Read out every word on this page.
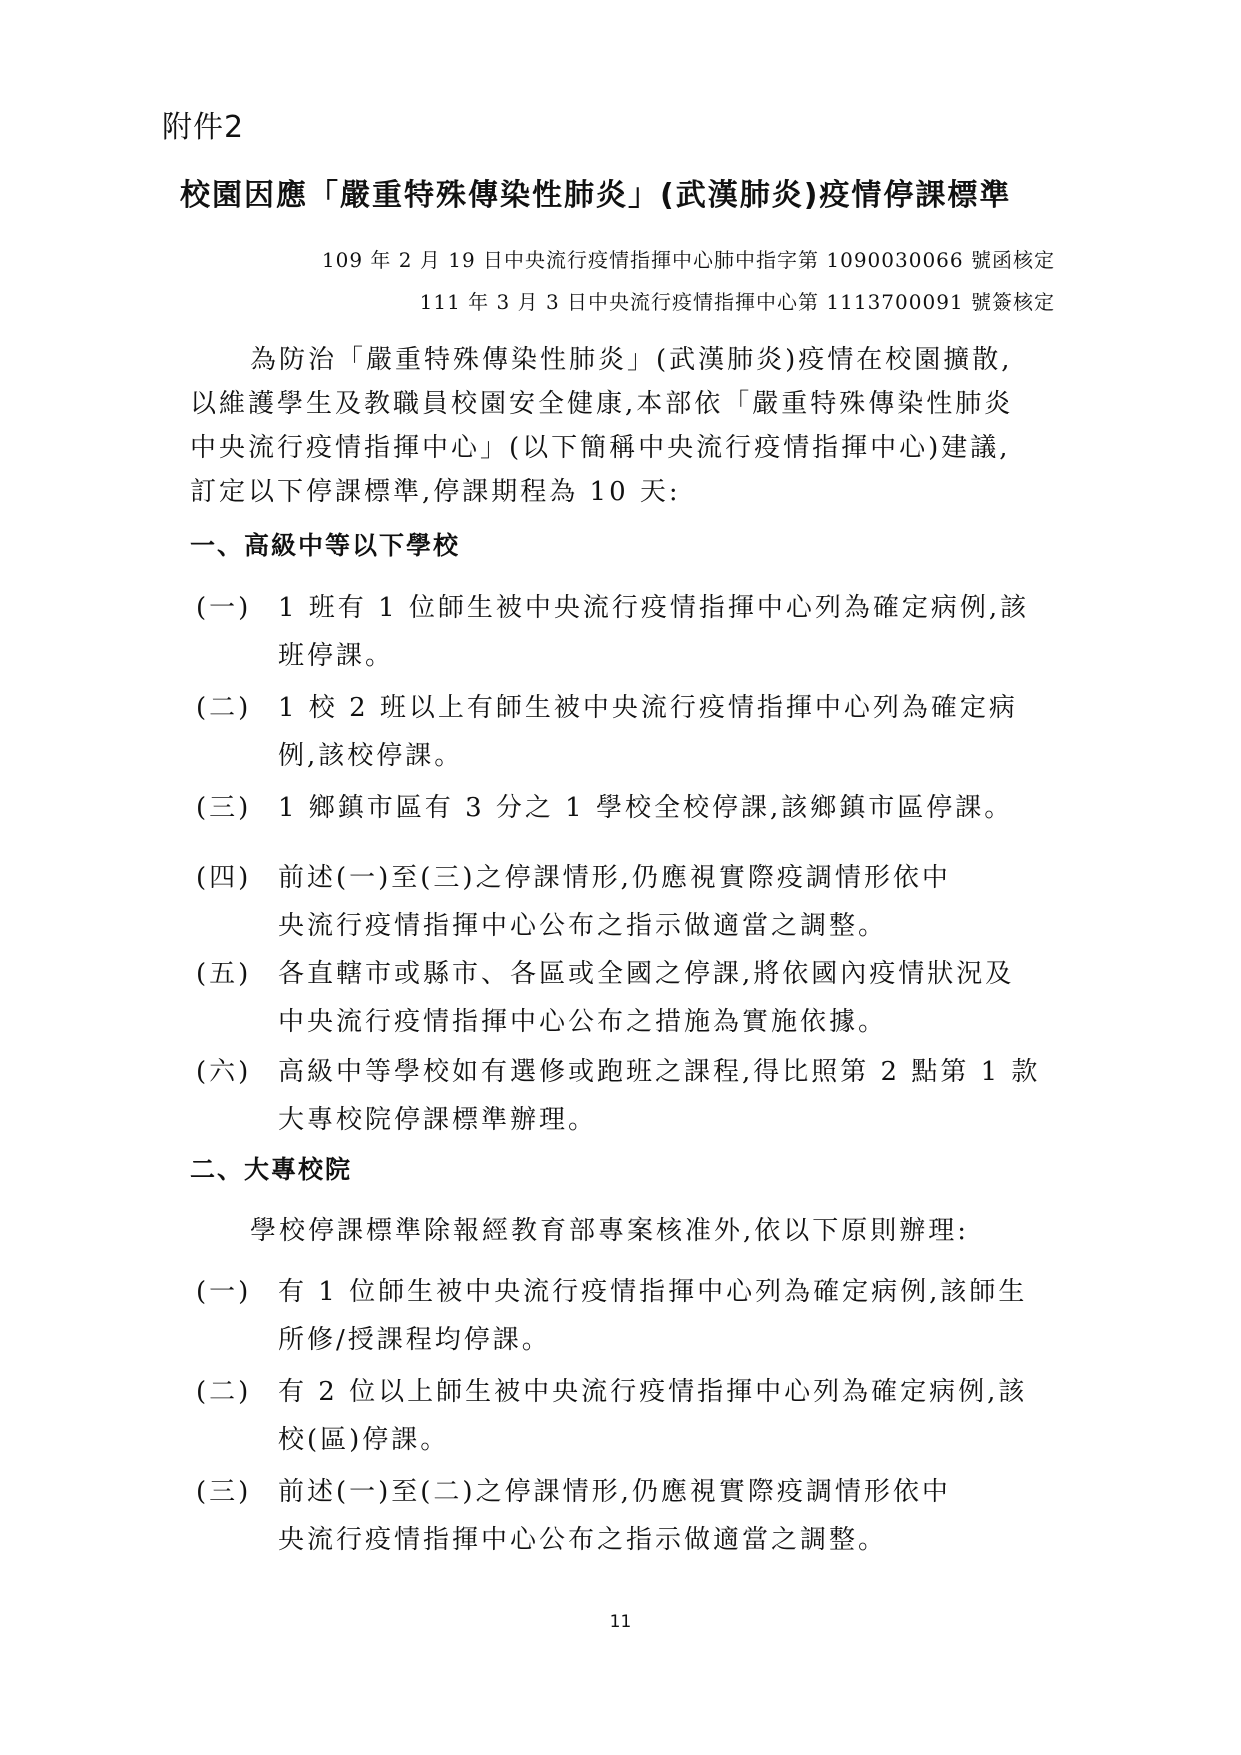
附件2
校園因應「嚴重特殊傳染性肺炎」(武漢肺炎)疫情停課標準
109 年 2 月 19 日中央流行疫情指揮中心肺中指字第 1090030066 號函核定
111 年 3 月 3 日中央流行疫情指揮中心第 1113700091 號簽核定
為防治「嚴重特殊傳染性肺炎」(武漢肺炎)疫情在校園擴散,
以維護學生及教職員校園安全健康,本部依「嚴重特殊傳染性肺炎
中央流行疫情指揮中心」(以下簡稱中央流行疫情指揮中心)建議,
訂定以下停課標準,停課期程為 10 天:
一、高級中等以下學校
(一) 1 班有 1 位師生被中央流行疫情指揮中心列為確定病例,該
班停課。
(二) 1 校 2 班以上有師生被中央流行疫情指揮中心列為確定病
例,該校停課。
(三) 1 鄉鎮市區有 3 分之 1 學校全校停課,該鄉鎮市區停課。
(四) 前述(一)至(三)之停課情形,仍應視實際疫調情形依中
央流行疫情指揮中心公布之指示做適當之調整。
(五) 各直轄市或縣市、各區或全國之停課,將依國內疫情狀況及
中央流行疫情指揮中心公布之措施為實施依據。
(六) 高級中等學校如有選修或跑班之課程,得比照第 2 點第 1 款
大專校院停課標準辦理。
二、大專校院
學校停課標準除報經教育部專案核准外,依以下原則辦理:
(一) 有 1 位師生被中央流行疫情指揮中心列為確定病例,該師生
所修/授課程均停課。
(二) 有 2 位以上師生被中央流行疫情指揮中心列為確定病例,該
校(區)停課。
(三) 前述(一)至(二)之停課情形,仍應視實際疫調情形依中
央流行疫情指揮中心公布之指示做適當之調整。
11
